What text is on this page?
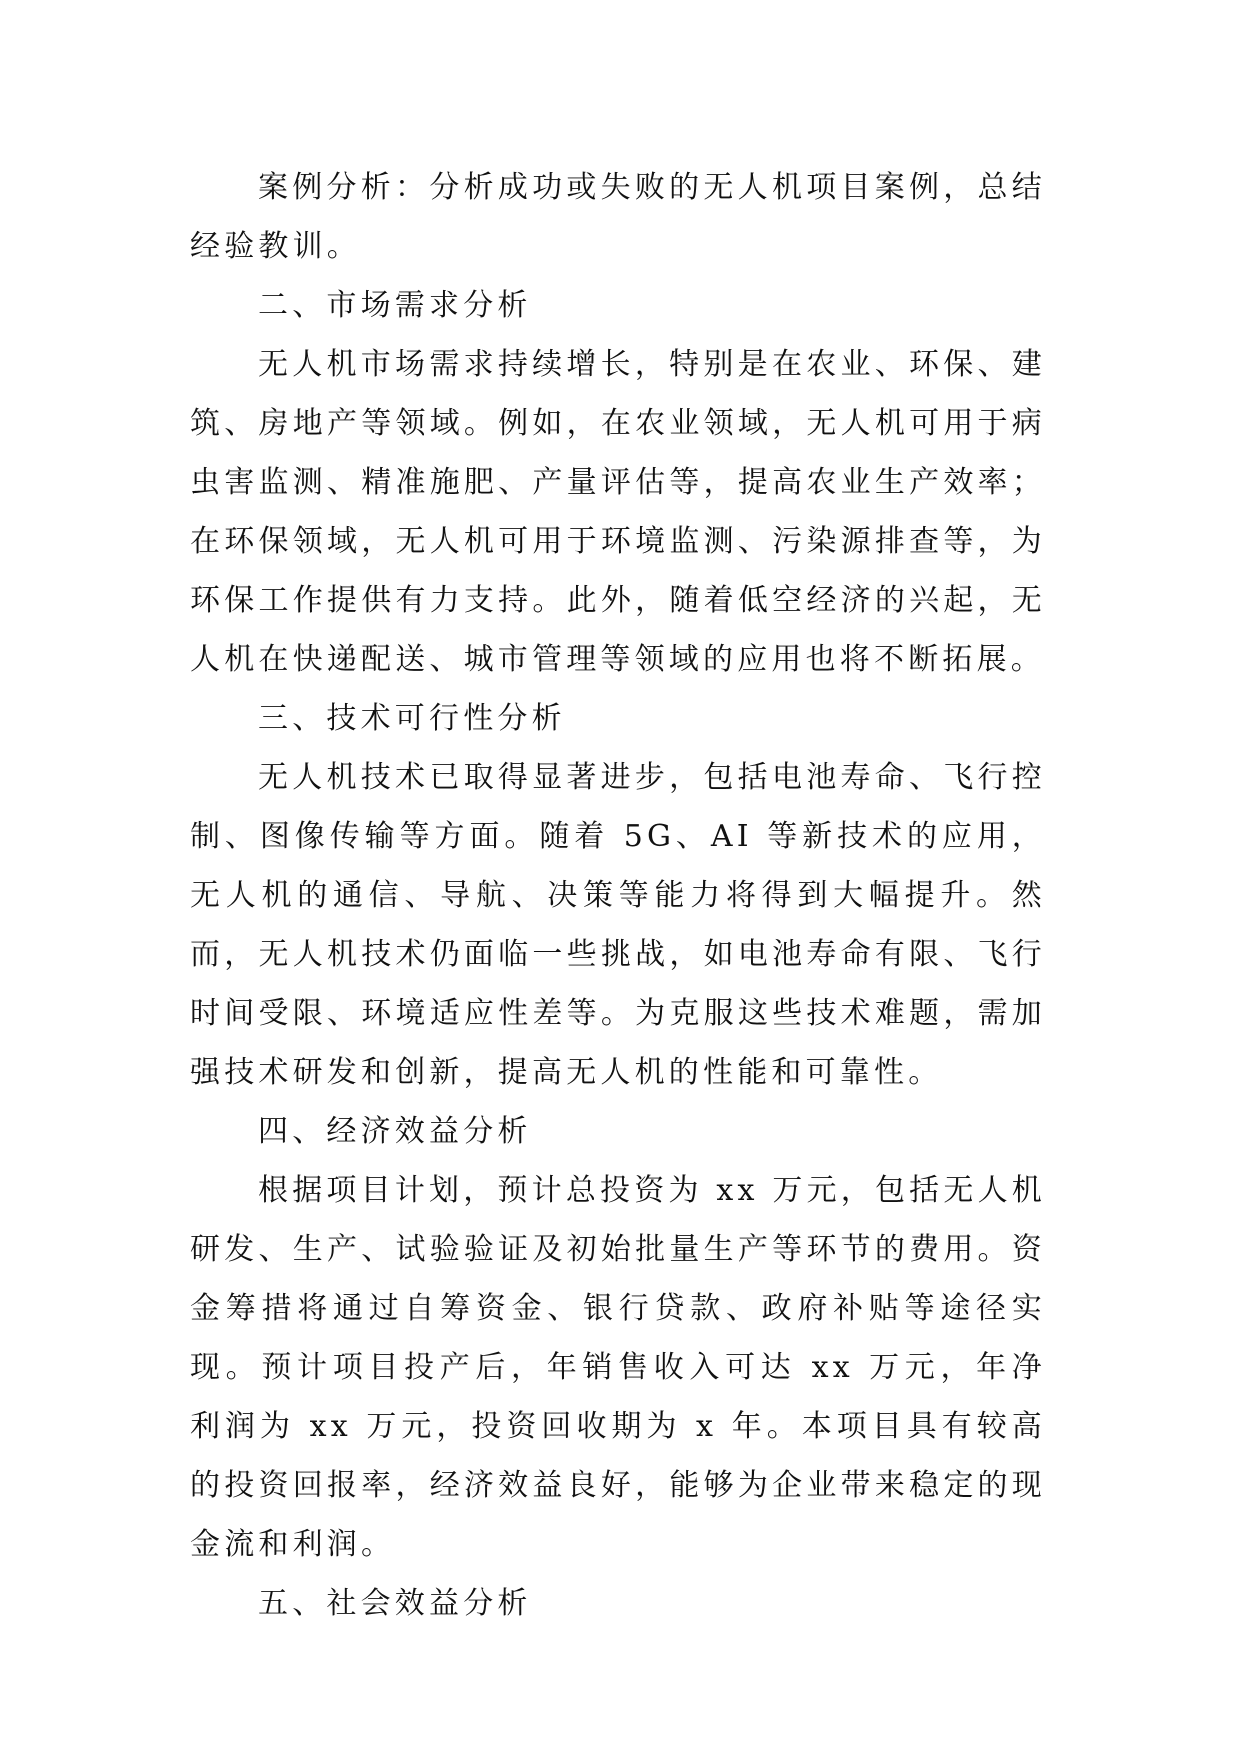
案例分析：分析成功或失败的无人机项目案例，总结经验教训。

二、市场需求分析

无人机市场需求持续增长，特别是在农业、环保、建筑、房地产等领域。例如，在农业领域，无人机可用于病虫害监测、精准施肥、产量评估等，提高农业生产效率；在环保领域，无人机可用于环境监测、污染源排查等，为环保工作提供有力支持。此外，随着低空经济的兴起，无人机在快递配送、城市管理等领域的应用也将不断拓展。

三、技术可行性分析

无人机技术已取得显著进步，包括电池寿命、飞行控制、图像传输等方面。随着 5G、AI 等新技术的应用，无人机的通信、导航、决策等能力将得到大幅提升。然而，无人机技术仍面临一些挑战，如电池寿命有限、飞行时间受限、环境适应性差等。为克服这些技术难题，需加强技术研发和创新，提高无人机的性能和可靠性。

四、经济效益分析

根据项目计划，预计总投资为 xx 万元，包括无人机研发、生产、试验验证及初始批量生产等环节的费用。资金筹措将通过自筹资金、银行贷款、政府补贴等途径实现。预计项目投产后，年销售收入可达 xx 万元，年净利润为 xx 万元，投资回收期为 x 年。本项目具有较高的投资回报率，经济效益良好，能够为企业带来稳定的现金流和利润。

五、社会效益分析
